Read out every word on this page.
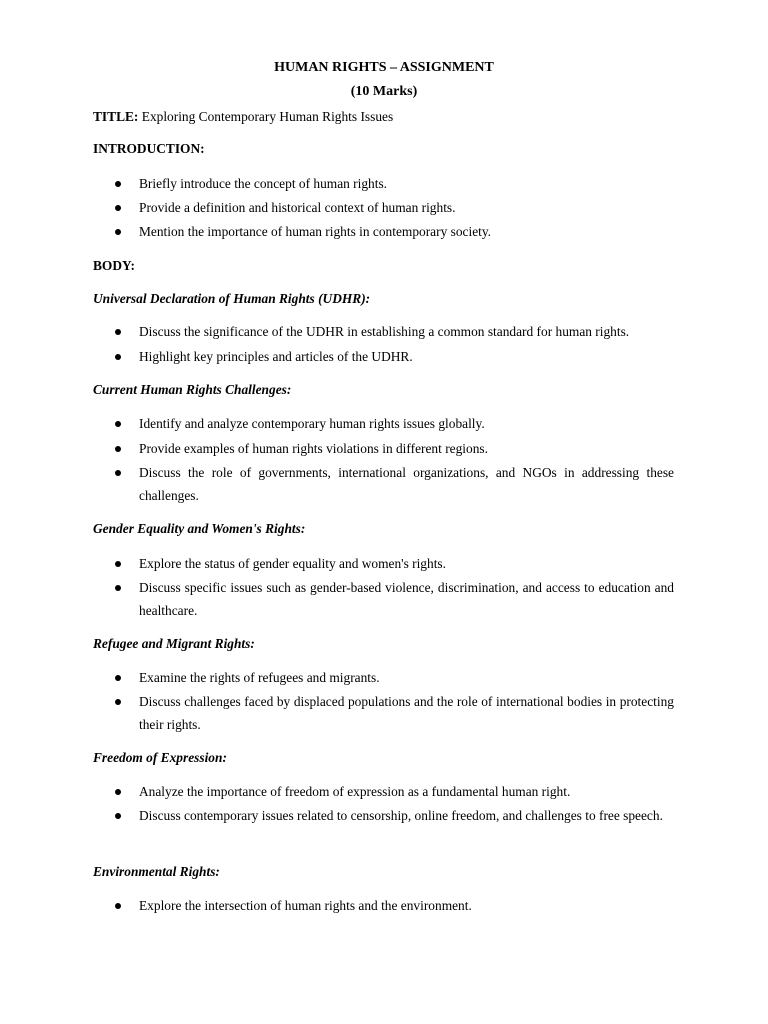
HUMAN RIGHTS – ASSIGNMENT
(10 Marks)
TITLE: Exploring Contemporary Human Rights Issues
INTRODUCTION:
Briefly introduce the concept of human rights.
Provide a definition and historical context of human rights.
Mention the importance of human rights in contemporary society.
BODY:
Universal Declaration of Human Rights (UDHR):
Discuss the significance of the UDHR in establishing a common standard for human rights.
Highlight key principles and articles of the UDHR.
Current Human Rights Challenges:
Identify and analyze contemporary human rights issues globally.
Provide examples of human rights violations in different regions.
Discuss the role of governments, international organizations, and NGOs in addressing these challenges.
Gender Equality and Women's Rights:
Explore the status of gender equality and women's rights.
Discuss specific issues such as gender-based violence, discrimination, and access to education and healthcare.
Refugee and Migrant Rights:
Examine the rights of refugees and migrants.
Discuss challenges faced by displaced populations and the role of international bodies in protecting their rights.
Freedom of Expression:
Analyze the importance of freedom of expression as a fundamental human right.
Discuss contemporary issues related to censorship, online freedom, and challenges to free speech.
Environmental Rights:
Explore the intersection of human rights and the environment.
